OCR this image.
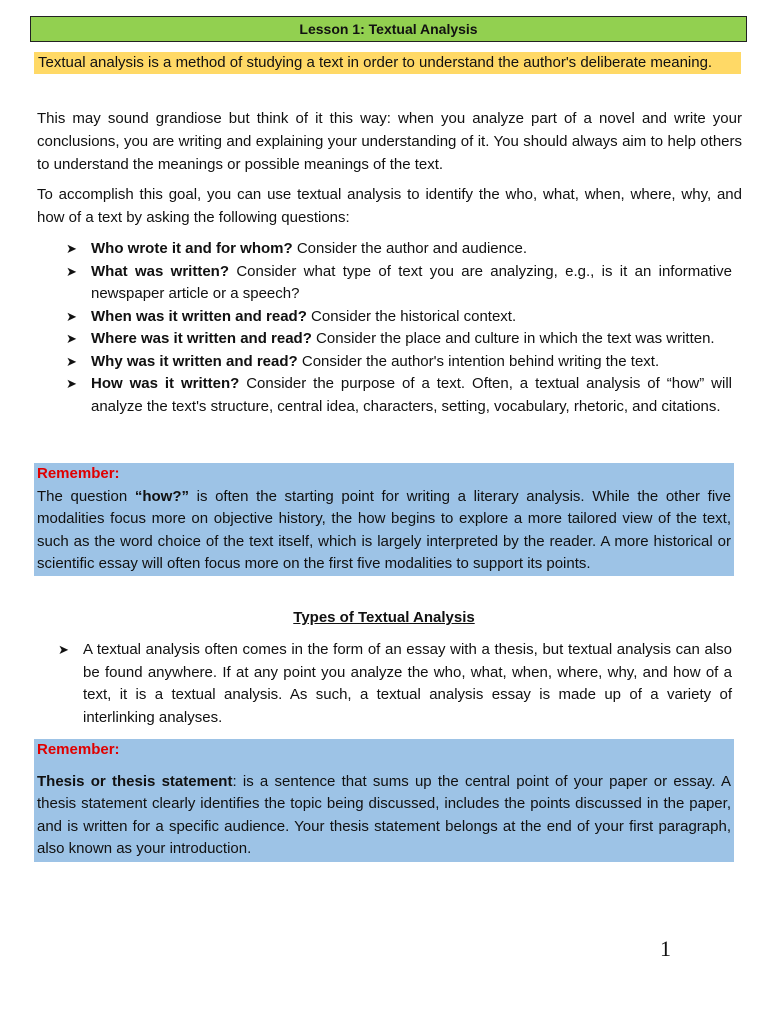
Lesson 1: Textual Analysis
Textual analysis is a method of studying a text in order to understand the author's deliberate meaning.

This may sound grandiose but think of it this way: when you analyze part of a novel and write your conclusions, you are writing and explaining your understanding of it. You should always aim to help others to understand the meanings or possible meanings of the text.

To accomplish this goal, you can use textual analysis to identify the who, what, when, where, why, and how of a text by asking the following questions:

➤ Who wrote it and for whom? Consider the author and audience.
➤ What was written? Consider what type of text you are analyzing, e.g., is it an informative newspaper article or a speech?
➤ When was it written and read? Consider the historical context.
➤ Where was it written and read? Consider the place and culture in which the text was written.
➤ Why was it written and read? Consider the author's intention behind writing the text.
➤ How was it written? Consider the purpose of a text. Often, a textual analysis of “how” will analyze the text's structure, central idea, characters, setting, vocabulary, rhetoric, and citations.
Remember:
The question “how?” is often the starting point for writing a literary analysis. While the other five modalities focus more on objective history, the how begins to explore a more tailored view of the text, such as the word choice of the text itself, which is largely interpreted by the reader. A more historical or scientific essay will often focus more on the first five modalities to support its points.
Types of Textual Analysis
➤ A textual analysis often comes in the form of an essay with a thesis, but textual analysis can also be found anywhere. If at any point you analyze the who, what, when, where, why, and how of a text, it is a textual analysis. As such, a textual analysis essay is made up of a variety of interlinking analyses.
Remember:
Thesis or thesis statement: is a sentence that sums up the central point of your paper or essay. A thesis statement clearly identifies the topic being discussed, includes the points discussed in the paper, and is written for a specific audience. Your thesis statement belongs at the end of your first paragraph, also known as your introduction.
1
